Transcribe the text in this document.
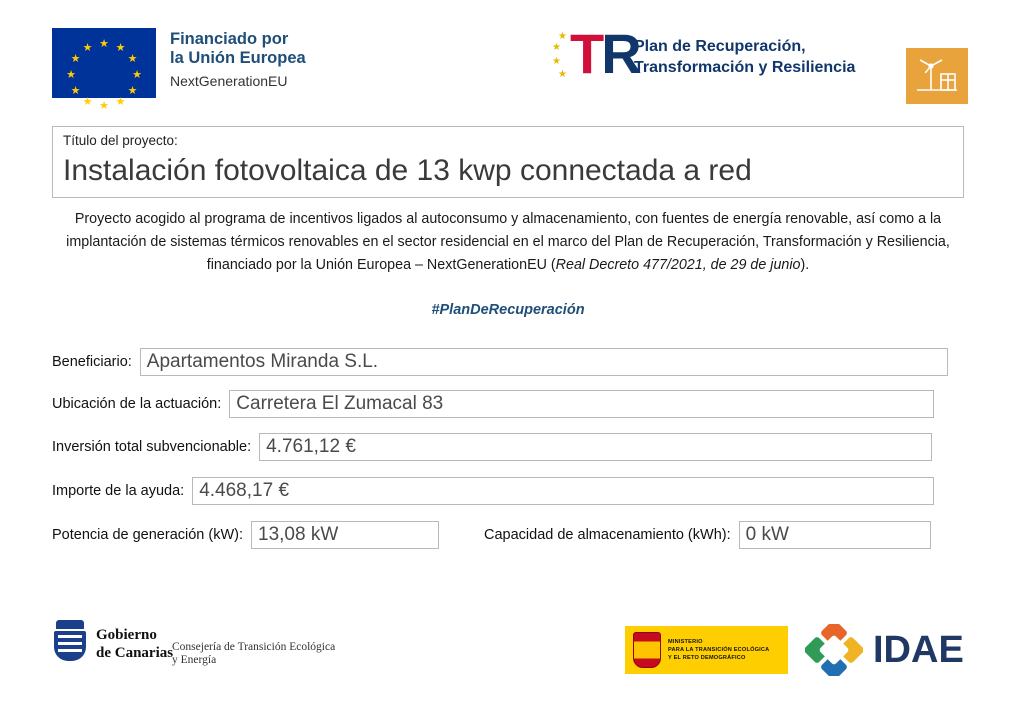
★ ★
★
★
★
★
★
★
★
★
★
★	Financiado por
la Unión Europea
NextGenerationEU
★
★
★
★ TR
Plan de Recuperación,
Transformación y Resiliencia
Título del proyecto:
Instalación fotovoltaica de 13 kwp connectada a red
Proyecto acogido al programa de incentivos ligados al autoconsumo y almacenamiento, con fuentes de energía renovable, así como a la implantación de sistemas térmicos renovables en el sector residencial en el marco del Plan de Recuperación, Transformación y Resiliencia, financiado por la Unión Europea – NextGenerationEU (Real Decreto 477/2021, de 29 de junio).
#PlanDeRecuperación
Beneficiario: Apartamentos Miranda S.L.
Ubicación de la actuación: Carretera El Zumacal 83
Inversión total subvencionable: 4.761,12 €
Importe de la ayuda: 4.468,17 €
Potencia de generación (kW): 13,08 kW	Capacidad de almacenamiento (kWh): 0 kW
Gobierno
de Canarias
Consejería de Transición Ecológica
y Energía
MINISTERIO
PARA LA TRANSICIÓN ECOLÓGICA
Y EL RETO DEMOGRÁFICO	IDAE
